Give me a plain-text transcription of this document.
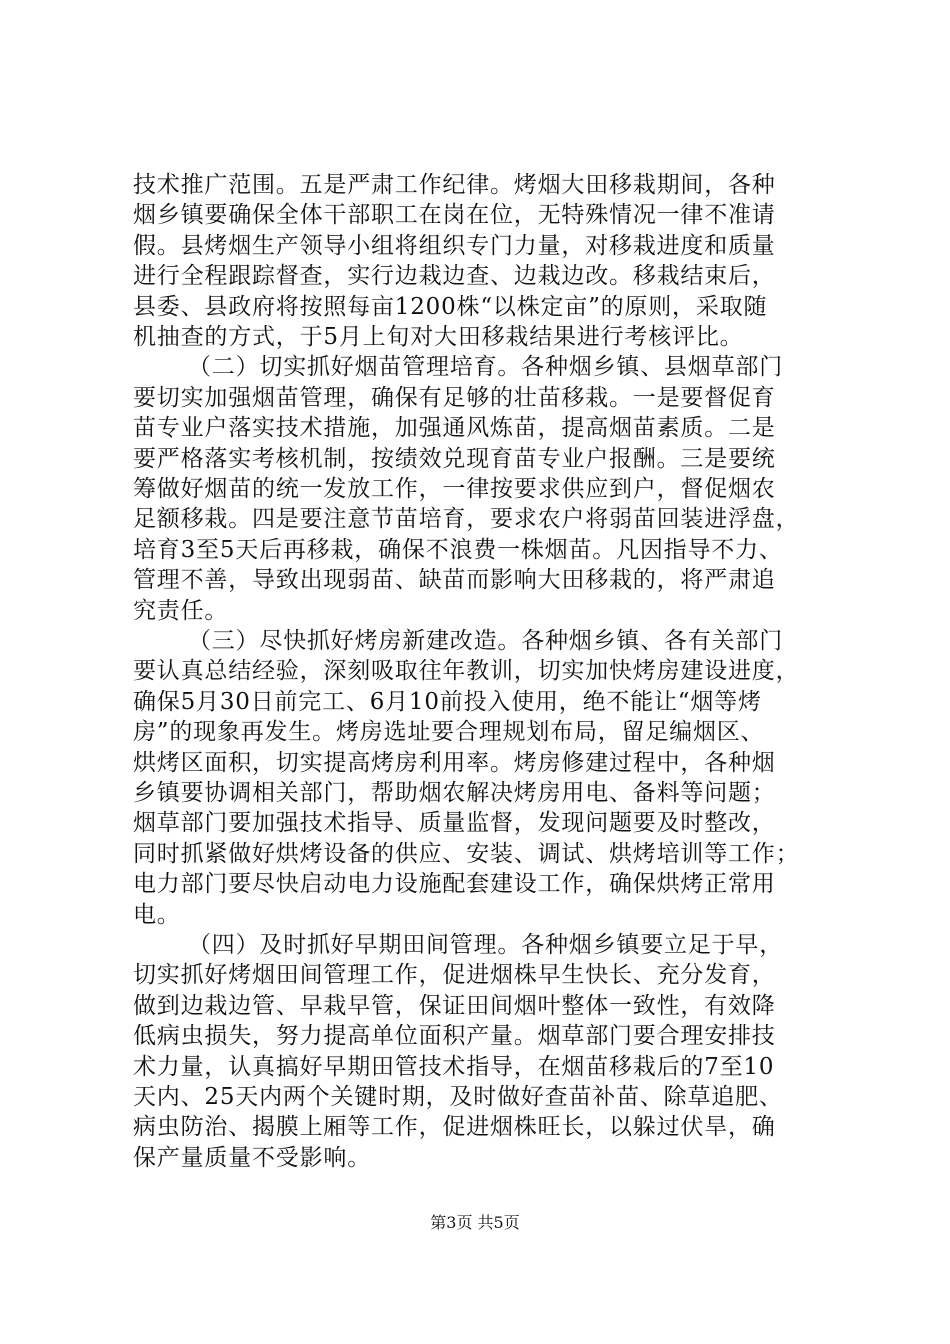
技术推广范围。五是严肃工作纪律。烤烟大田移栽期间，各种
烟乡镇要确保全体干部职工在岗在位，无特殊情况一律不准请
假。县烤烟生产领导小组将组织专门力量，对移栽进度和质量
进行全程跟踪督查，实行边栽边查、边栽边改。移栽结束后，
县委、县政府将按照每亩1200株“以株定亩”的原则，采取随
机抽查的方式，于5月上旬对大田移栽结果进行考核评比。
（二）切实抓好烟苗管理培育。各种烟乡镇、县烟草部门
要切实加强烟苗管理，确保有足够的壮苗移栽。一是要督促育
苗专业户落实技术措施，加强通风炼苗，提高烟苗素质。二是
要严格落实考核机制，按绩效兑现育苗专业户报酬。三是要统
筹做好烟苗的统一发放工作，一律按要求供应到户，督促烟农
足额移栽。四是要注意节苗培育，要求农户将弱苗回装进浮盘，
培育3至5天后再移栽，确保不浪费一株烟苗。凡因指导不力、
管理不善，导致出现弱苗、缺苗而影响大田移栽的，将严肃追
究责任。
（三）尽快抓好烤房新建改造。各种烟乡镇、各有关部门
要认真总结经验，深刻吸取往年教训，切实加快烤房建设进度，
确保5月30日前完工、6月10前投入使用，绝不能让“烟等烤
房”的现象再发生。烤房选址要合理规划布局，留足编烟区、
烘烤区面积，切实提高烤房利用率。烤房修建过程中，各种烟
乡镇要协调相关部门，帮助烟农解决烤房用电、备料等问题；
烟草部门要加强技术指导、质量监督，发现问题要及时整改，
同时抓紧做好烘烤设备的供应、安装、调试、烘烤培训等工作；
电力部门要尽快启动电力设施配套建设工作，确保烘烤正常用
电。
（四）及时抓好早期田间管理。各种烟乡镇要立足于早，
切实抓好烤烟田间管理工作，促进烟株早生快长、充分发育，
做到边栽边管、早栽早管，保证田间烟叶整体一致性，有效降
低病虫损失，努力提高单位面积产量。烟草部门要合理安排技
术力量，认真搞好早期田管技术指导，在烟苗移栽后的7至10
天内、25天内两个关键时期，及时做好查苗补苗、除草追肥、
病虫防治、揭膜上厢等工作，促进烟株旺长，以躲过伏旱，确
保产量质量不受影响。
第3页 共5页
